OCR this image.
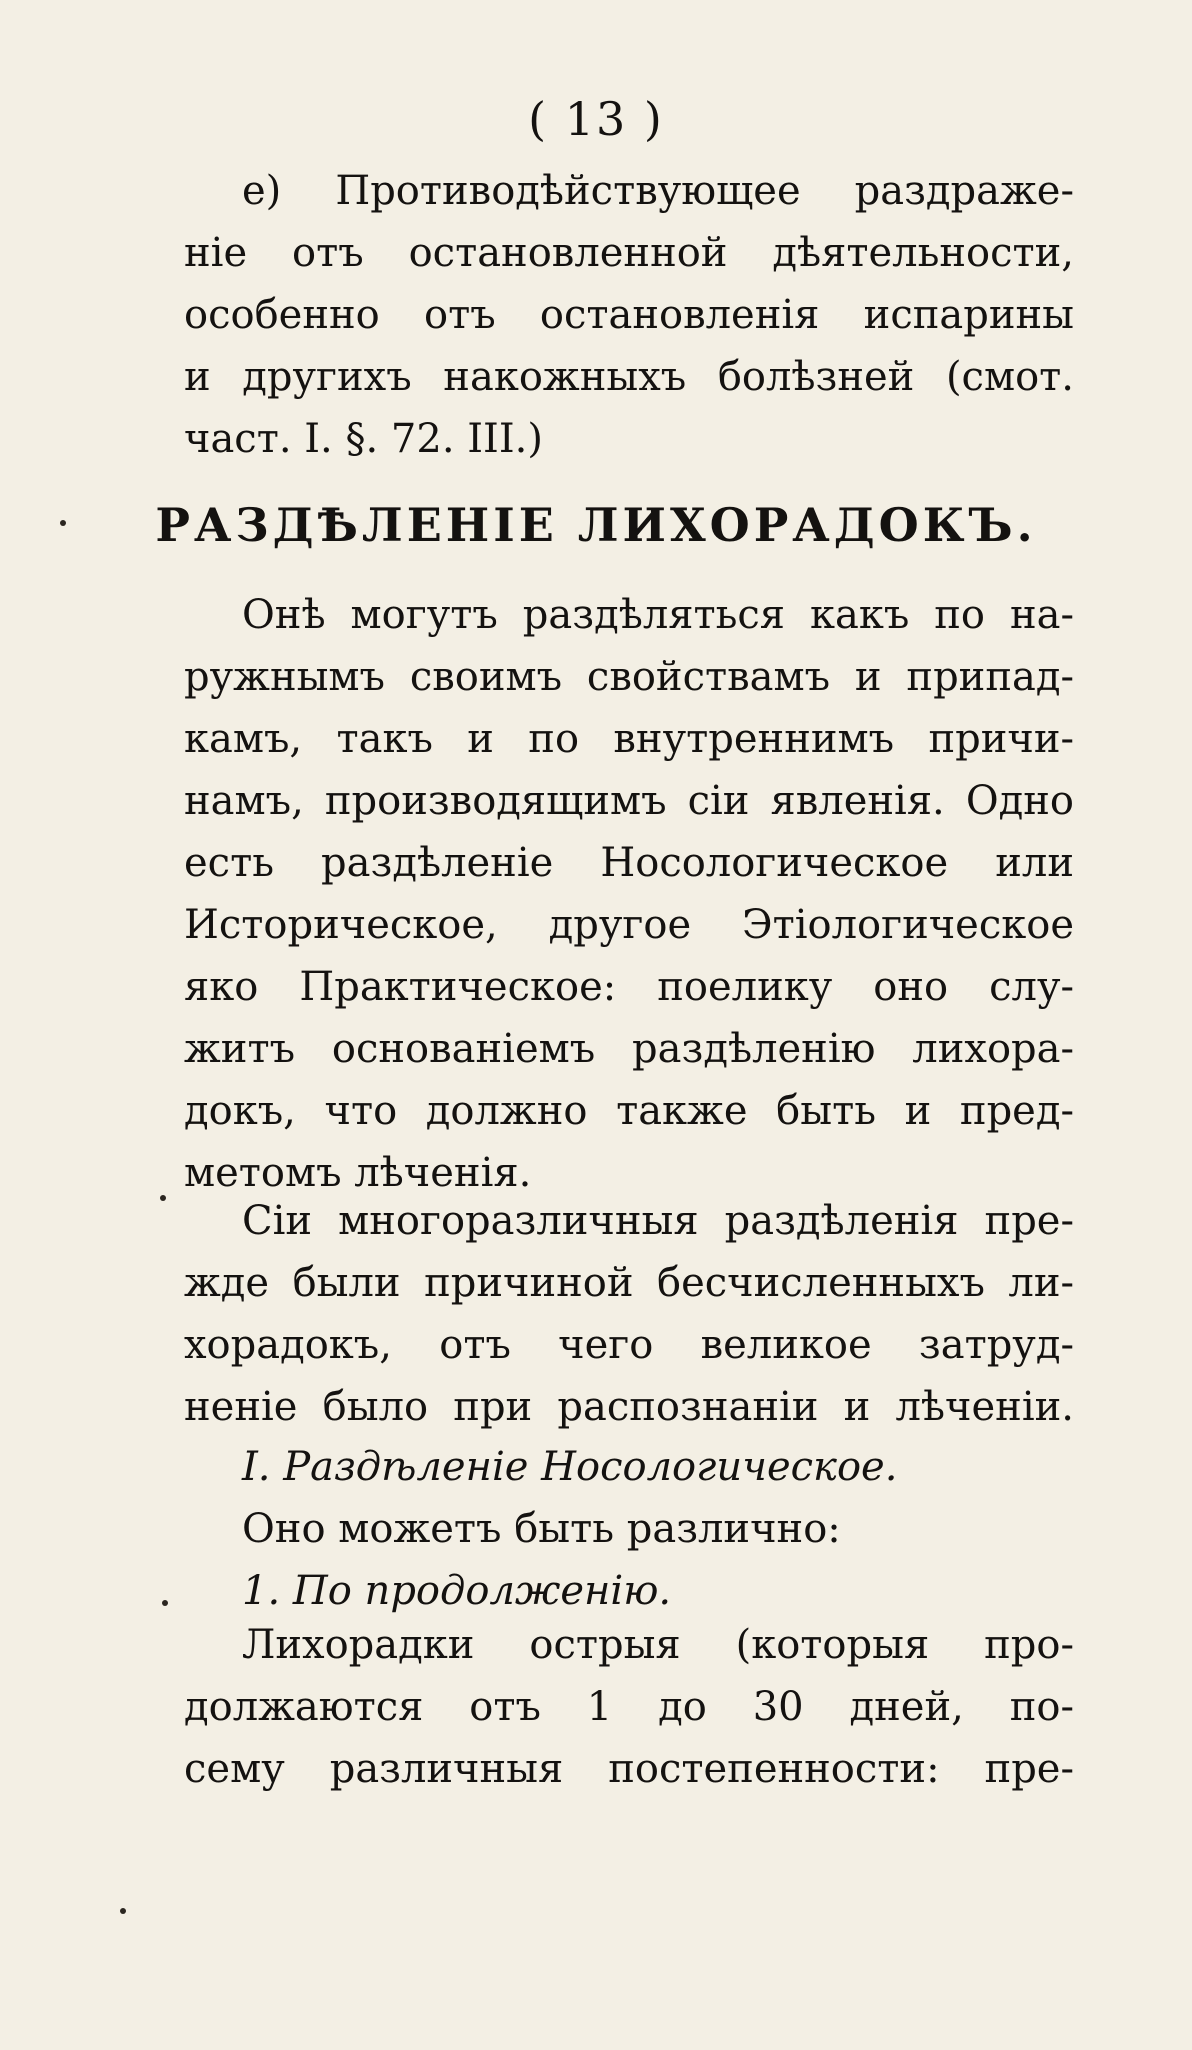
( 13 )
е) Противодѣйствующее раздраже-
ніе отъ остановленной дѣятельности,
особенно отъ остановленія испарины
и другихъ накожныхъ болѣзней (смот.
част. I. §. 72. III.)
РАЗДѢЛЕНІЕ ЛИХОРАДОКЪ.
Онѣ могутъ раздѣляться какъ по на-
ружнымъ своимъ свойствамъ и припад-
камъ, такъ и по внутреннимъ причи-
намъ, производящимъ сіи явленія. Одно
есть раздѣленіе Носологическое или
Историческое, другое Этіологическое
яко Практическое: поелику оно слу-
житъ основаніемъ раздѣленію лихора-
докъ, что должно также быть и пред-
метомъ лѣченія.
Сіи многоразличныя раздѣленія пре-
жде были причиной бесчисленныхъ ли-
хорадокъ, отъ чего великое затруд-
неніе было при распознаніи и лѣченіи.
I. Раздѣленіе Носологическое.
Оно можетъ быть различно:
1. По продолженію.
Лихорадки острыя (которыя про-
должаются отъ 1 до 30 дней, по-
сему различныя постепенности: пре-
